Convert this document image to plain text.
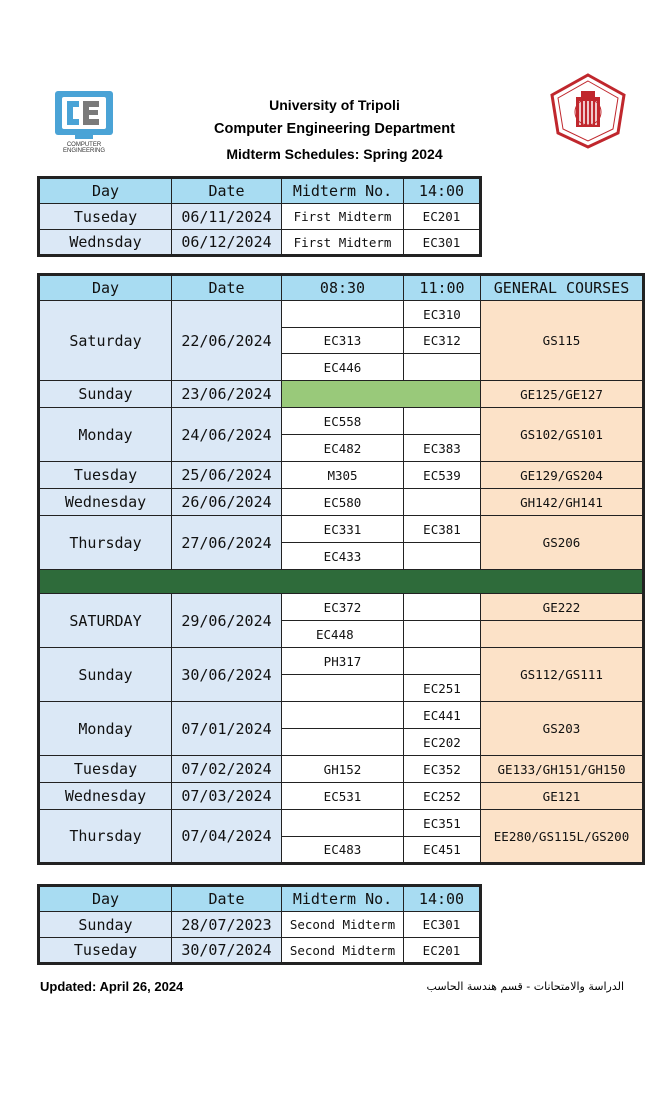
COMPUTER
ENGINEERING
University of Tripoli
Computer Engineering Department
Midterm Schedules: Spring 2024
Day	Date	Midterm No.	14:00
Tuseday	06/11/2024	First Midterm	EC201
Wednsday	06/12/2024	First Midterm	EC301
Day	Date	08:30	11:00	GENERAL COURSES
Saturday	22/06/2024		EC310	GS115
		EC313	EC312	
		EC446		
Sunday	23/06/2024			GE125/GE127
Monday	24/06/2024	EC558		GS102/GS101
		EC482	EC383	
Tuesday	25/06/2024	M305	EC539	GE129/GS204
Wednesday	26/06/2024	EC580		GH142/GH141
Thursday	27/06/2024	EC331	EC381	GS206
		EC433		

SATURDAY	29/06/2024	EC372		GE222
		EC448		
Sunday	30/06/2024	PH317		GS112/GS111
			EC251	
Monday	07/01/2024		EC441	GS203
			EC202	
Tuesday	07/02/2024	GH152	EC352	GE133/GH151/GH150
Wednesday	07/03/2024	EC531	EC252	GE121
Thursday	07/04/2024		EC351	EE280/GS115L/GS200
		EC483	EC451	
Day	Date	Midterm No.	14:00
Sunday	28/07/2023	Second Midterm	EC301
Tuseday	30/07/2024	Second Midterm	EC201
Updated: April 26, 2024	الدراسة والامتحانات - قسم هندسة الحاسب
